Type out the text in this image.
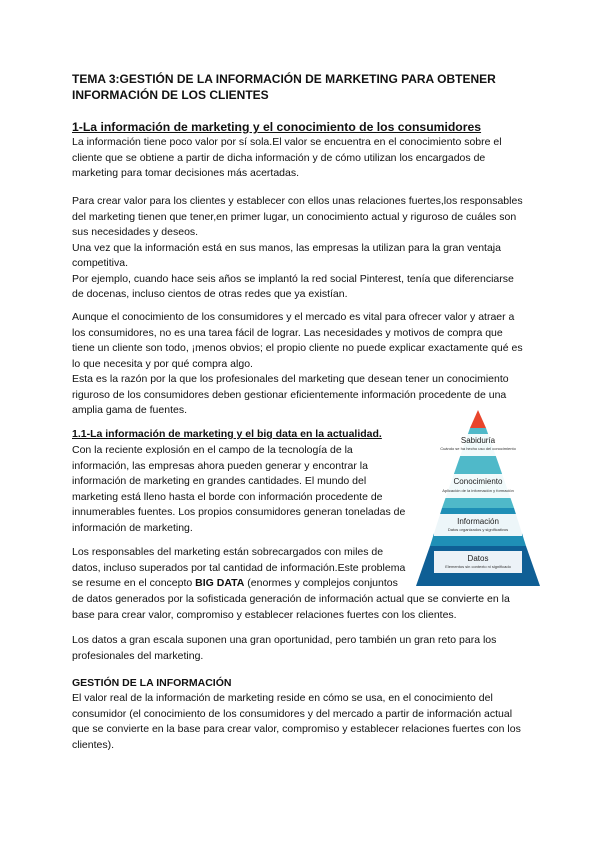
TEMA 3:GESTIÓN DE LA INFORMACIÓN DE MARKETING PARA OBTENER
INFORMACIÓN DE LOS CLIENTES
1-La información de marketing y el conocimiento de los consumidores

La información tiene poco valor por sí sola.El valor se encuentra en el conocimiento sobre el cliente que se obtiene a partir de dicha información y de cómo utilizan los encargados de marketing para tomar decisiones más acertadas.

Para crear valor para los clientes y establecer con ellos unas relaciones fuertes,los responsables del marketing tienen que tener,en primer lugar, un conocimiento actual y riguroso de cuáles son sus necesidades y deseos.

Una vez que la información está en sus manos, las empresas la utilizan para la gran ventaja competitiva.

Por ejemplo, cuando hace seis años se implantó la red social Pinterest, tenía que diferenciarse de docenas, incluso cientos de otras redes que ya existían.

Aunque el conocimiento de los consumidores y el mercado es vital para ofrecer valor y atraer a los consumidores, no es una tarea fácil de lograr. Las necesidades y motivos de compra que tiene un cliente son todo, ¡menos obvios; el propio cliente no puede explicar exactamente qué es lo que necesita y por qué compra algo.

Esta es la razón por la que los profesionales del marketing que desean tener un conocimiento riguroso de los consumidores deben gestionar eficientemente información procedente de una amplia gama de fuentes.

1.1-La información de marketing y el big data en la actualidad.

Con la reciente explosión en el campo de la tecnología de la información, las empresas ahora pueden generar y encontrar la información de marketing en grandes cantidades. El mundo del marketing está lleno hasta el borde con información procedente de innumerables fuentes. Los propios consumidores generan toneladas de información de marketing.

Los responsables del marketing están sobrecargados con miles de datos, incluso superados por tal cantidad de información.Este problema se resume en el concepto BIG DATA (enormes y complejos conjuntos

de datos generados por la sofisticada generación de información actual que se convierte en la base para crear valor, compromiso y establecer relaciones fuertes con los clientes.

Los datos a gran escala suponen una gran oportunidad, pero también un gran reto para los profesionales del marketing.

GESTIÓN DE LA INFORMACIÓN

El valor real de la información de marketing reside en cómo se usa, en el conocimiento del consumidor (el conocimiento de los consumidores y del mercado a partir de información actual que se convierte en la base para crear valor, compromiso y establecer relaciones fuertes con los clientes).

Sabiduría
Cuándo se ha hecho uso del conocimiento
Conocimiento
Aplicación de la información y formación
Información
Datos organizados y significativos
Datos
Elementos sin contexto ni significado
